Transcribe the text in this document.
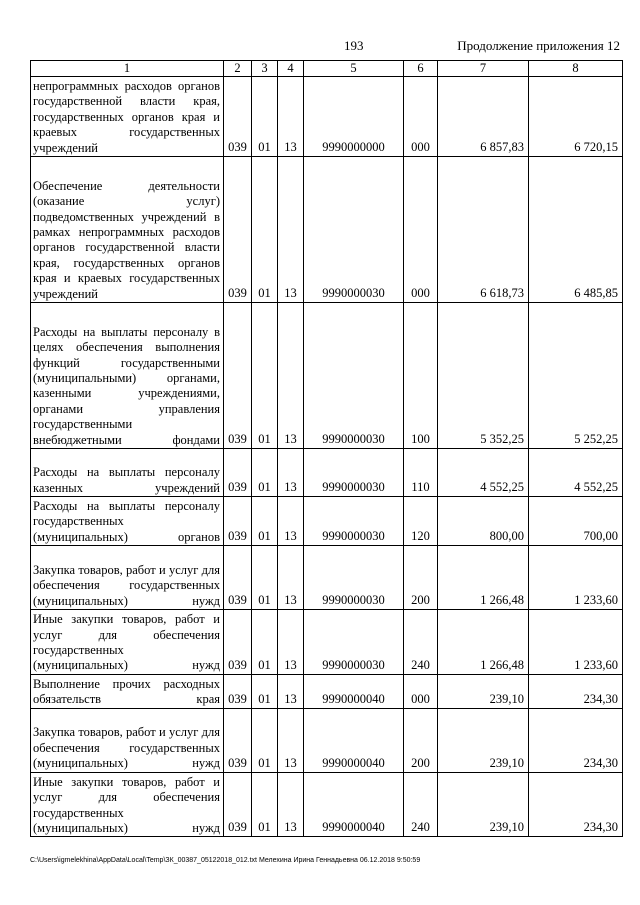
193	Продолжение приложения 12
1	2	3	4	5	6	7	8
непрограммных расходов органов государственной власти края, государственных органов края и краевых государственных учреждений	039	01	13	9990000000	000	6 857,83	6 720,15
Обеспечение деятельности (оказание услуг) подведомственных учреждений в рамках непрограммных расходов органов государственной власти края, государственных органов края и краевых государственных учреждений	039	01	13	9990000030	000	6 618,73	6 485,85
Расходы на выплаты персоналу в целях обеспечения выполнения функций государственными (муниципальными) органами, казенными учреждениями, органами управления государственными внебюджетными фондами	039	01	13	9990000030	100	5 352,25	5 252,25
Расходы на выплаты персоналу казенных учреждений	039	01	13	9990000030	110	4 552,25	4 552,25
Расходы на выплаты персоналу государственных (муниципальных) органов	039	01	13	9990000030	120	800,00	700,00
Закупка товаров, работ и услуг для обеспечения государственных (муниципальных) нужд	039	01	13	9990000030	200	1 266,48	1 233,60
Иные закупки товаров, работ и услуг для обеспечения государственных (муниципальных) нужд	039	01	13	9990000030	240	1 266,48	1 233,60
Выполнение прочих расходных обязательств края	039	01	13	9990000040	000	239,10	234,30
Закупка товаров, работ и услуг для обеспечения государственных (муниципальных) нужд	039	01	13	9990000040	200	239,10	234,30
Иные закупки товаров, работ и услуг для обеспечения государственных (муниципальных) нужд	039	01	13	9990000040	240	239,10	234,30
C:\Users\igmelekhina\AppData\Local\Temp\ЗК_00387_05122018_012.txt Мелехина Ирина Геннадьевна 06.12.2018 9:50:59
